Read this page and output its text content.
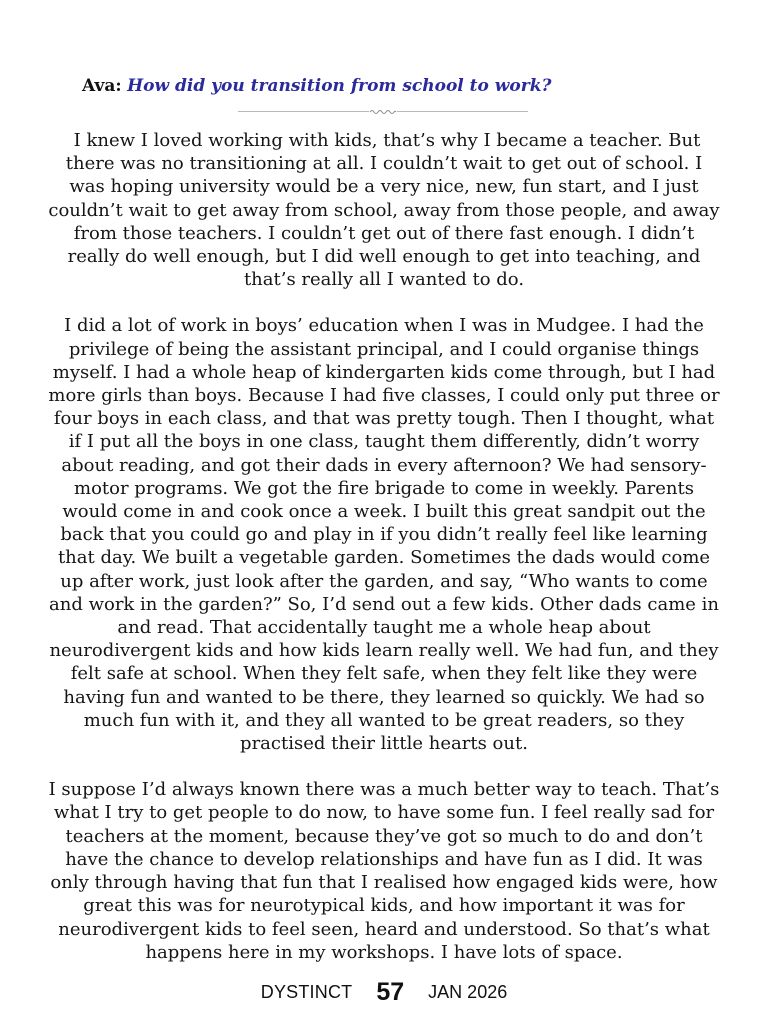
Ava: How did you transition from school to work?

I knew I loved working with kids, that’s why I became a teacher. But there was no transitioning at all. I couldn’t wait to get out of school. I was hoping university would be a very nice, new, fun start, and I just couldn’t wait to get away from school, away from those people, and away from those teachers. I couldn’t get out of there fast enough. I didn’t really do well enough, but I did well enough to get into teaching, and that’s really all I wanted to do.

I did a lot of work in boys’ education when I was in Mudgee. I had the privilege of being the assistant principal, and I could organise things myself. I had a whole heap of kindergarten kids come through, but I had more girls than boys. Because I had five classes, I could only put three or four boys in each class, and that was pretty tough. Then I thought, what if I put all the boys in one class, taught them differently, didn’t worry about reading, and got their dads in every afternoon? We had sensory-motor programs. We got the fire brigade to come in weekly. Parents would come in and cook once a week. I built this great sandpit out the back that you could go and play in if you didn’t really feel like learning that day. We built a vegetable garden. Sometimes the dads would come up after work, just look after the garden, and say, “Who wants to come and work in the garden?” So, I’d send out a few kids. Other dads came in and read. That accidentally taught me a whole heap about neurodivergent kids and how kids learn really well. We had fun, and they felt safe at school. When they felt safe, when they felt like they were having fun and wanted to be there, they learned so quickly. We had so much fun with it, and they all wanted to be great readers, so they practised their little hearts out.

I suppose I’d always known there was a much better way to teach. That’s what I try to get people to do now, to have some fun. I feel really sad for teachers at the moment, because they’ve got so much to do and don’t have the chance to develop relationships and have fun as I did. It was only through having that fun that I realised how engaged kids were, how great this was for neurotypical kids, and how important it was for neurodivergent kids to feel seen, heard and understood. So that’s what happens here in my workshops. I have lots of space.

DYSTINCT 57 JAN 2026
